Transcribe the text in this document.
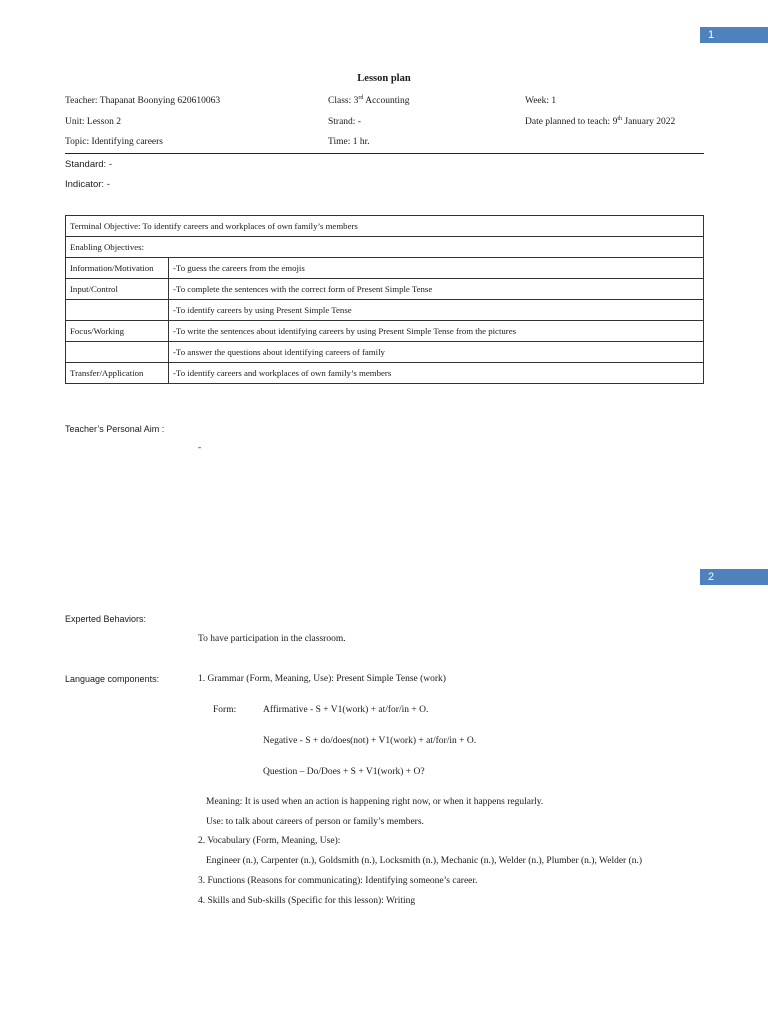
1
Lesson plan
Teacher: Thapanat Boonying 620610063	Class: 3rd Accounting	Week: 1
Unit: Lesson 2	Strand: -	Date planned to teach: 9th January 2022
Topic: Identifying careers	Time: 1 hr.
Standard: -
Indicator: -
Terminal Objective: To identify careers and workplaces of own family’s members	
Enabling Objectives:	
Information/Motivation	-To guess the careers from the emojis
Input/Control	-To complete the sentences with the correct form of Present Simple Tense
	-To identify careers by using Present Simple Tense
Focus/Working	-To write the sentences about identifying careers by using Present Simple Tense from the pictures
	-To answer the questions about identifying careers of family
Transfer/Application	-To identify careers and workplaces of own family’s members
Teacher’s Personal Aim :
-
2
Experted Behaviors:
To have participation in the classroom.
Language components:	1. Grammar (Form, Meaning, Use): Present Simple Tense (work)
Form:	Affirmative - S + V1(work) + at/for/in + O.
Negative - S + do/does(not) + V1(work) + at/for/in + O.
Question – Do/Does + S + V1(work) + O?
Meaning: It is used when an action is happening right now, or when it happens regularly.
Use: to talk about careers of person or family’s members.
2. Vocabulary (Form, Meaning, Use):
Engineer (n.), Carpenter (n.), Goldsmith (n.), Locksmith (n.), Mechanic (n.), Welder (n.), Plumber (n.), Welder (n.)
3. Functions (Reasons for communicating): Identifying someone’s career.
4. Skills and Sub-skills (Specific for this lesson): Writing
